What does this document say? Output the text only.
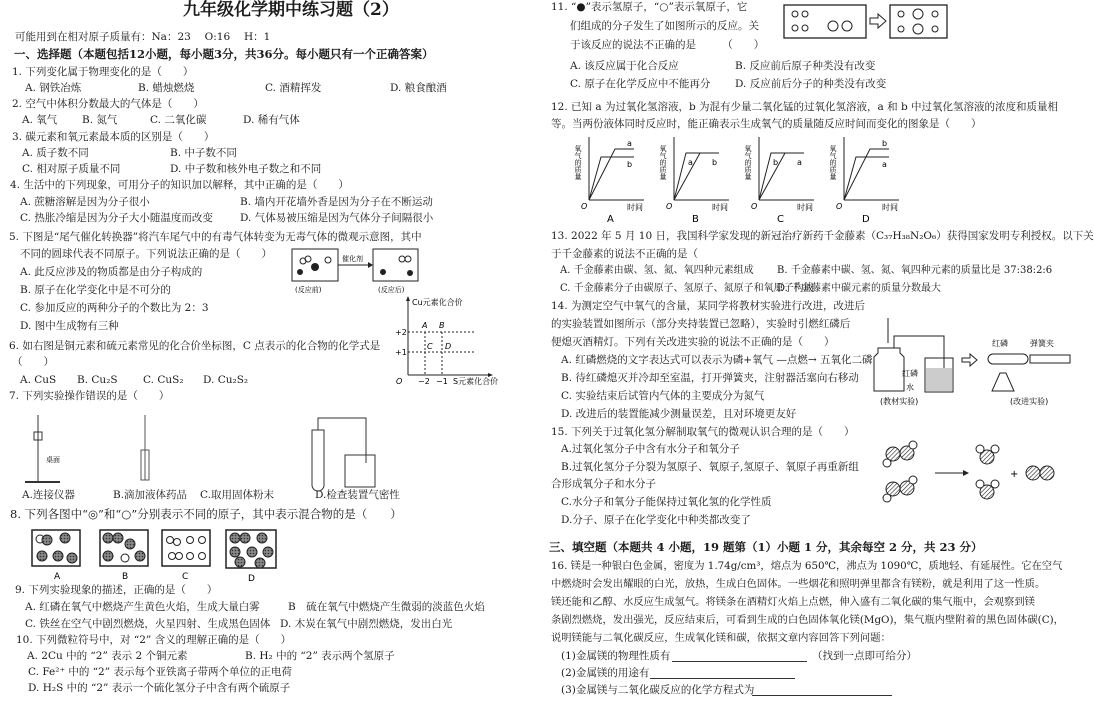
九年级化学期中练习题（2）
可能用到在相对原子质量有：Na：23　 O:16　 H：1
一、选择题（本题包括12小题，每小题3分，共36分。每小题只有一个正确答案）
1. 下列变化属于物理变化的是（　　）
A. 钢铁冶炼	B. 蜡烛燃烧	C. 酒精挥发	D. 粮食酿酒
2. 空气中体积分数最大的气体是（　　）
A. 氧气 B. 氮气	C. 二氧化碳	D. 稀有气体
3. 碳元素和氧元素最本质的区别是（　　）
A. 质子数不同	B. 中子数不同
C. 相对原子质量不同	D. 中子数和核外电子数之和不同
4. 生活中的下列现象，可用分子的知识加以解释，其中正确的是（　　）
A. 蔗糖溶解是因为分子很小	B. 墙内开花墙外香是因为分子在不断运动
C. 热胀冷缩是因为分子大小随温度而改变	D. 气体易被压缩是因为气体分子间隔很小
5. 下图是“尾气催化转换器”将汽车尾气中的有毒气体转变为无毒气体的微观示意图，其中
不同的圆球代表不同原子。下列说法正确的是（　　）
A. 此反应涉及的物质都是由分子构成的
B. 原子在化学变化中是不可分的
C. 参加反应的两种分子的个数比为 2：3
D. 图中生成物有三种
催化剂
(反应前)	(反应后)
6. 如右图是铜元素和硫元素常见的化合价坐标图，C 点表示的化合物的化学式是
（　　）
A. CuS B. Cu₂S C. CuS₂ D. Cu₂S₂
Cu元素化合价
+2
+1
O −2 −1 S元素化合价
A B
C D
7. 下列实验操作错误的是（　　）
桌面
A.连接仪器	B.滴加液体药品 C.取用固体粉末	D.检查装置气密性
8. 下列各图中“◎”和“○”分别表示不同的原子，其中表示混合物的是（　　）
A	B	C	D
9. 下列实验现象的描述，正确的是（　　）
A. 红磷在氧气中燃烧产生黄色火焰，生成大量白雾	B　硫在氧气中燃烧产生微弱的淡蓝色火焰
C. 铁丝在空气中剧烈燃烧，火星四射、生成黑色固体 D. 木炭在氧气中剧烈燃烧，发出白光
10. 下列微粒符号中，对 “2” 含义的理解正确的是（　　）
A. 2Cu 中的 “2” 表示 2 个铜元素	B. H₂ 中的 “2” 表示两个氢原子
C. Fe²⁺ 中的 “2” 表示每个亚铁离子带两个单位的正电荷
D. H₂S 中的 “2” 表示一个硫化氢分子中含有两个硫原子
11. “●”表示氢原子，“○”表示氧原子，它
们组成的分子发生了如图所示的反应。关
于该反应的说法不正确的是　　　（　　）
A. 该反应属于化合反应	B. 反应前后原子种类没有改变
C. 原子在化学反应中不能再分 D. 反应前后分子的种类没有改变
12. 已知 a 为过氧化氢溶液，b 为混有少量二氧化锰的过氧化氢溶液，a 和 b 中过氧化氢溶液的浓度和质量相
等。当两份液体同时反应时，能正确表示生成氧气的质量随反应时间而变化的图象是（　　）
氧气的质量
O	时间
a
b
A
氧气的质量
O	时间
b
a
B
氧气的质量
O	时间
a
b
C
氧气的质量
O	时间
b
a
D
13. 2022 年 5 月 10 日，我国科学家发现的新冠治疗新药千金藤素（C₃₇H₃₈N₂O₆）获得国家发明专利授权。以下关
于千金藤素的说法不正确的是（
A. 千金藤素由碳、氢、氮、氧四种元素组成 B. 千金藤素中碳、氢、氮、氧四种元素的质量比是 37:38:2:6
C. 千金藤素分子由碳原子、氢原子、氮原子和氧原子构成
D. 千金藤素中碳元素的质量分数最大
14. 为测定空气中氧气的含量，某同学将教材实验进行改进，改进后
的实验装置如图所示（部分夹持装置已忽略），实验时引燃红磷后
便熄灭酒精灯。下列有关改进实验的说法不正确的是（　　）
A. 红磷燃烧的文字表达式可以表示为磷+氧气 —点燃→ 五氧化二磷
B. 待红磷熄灭并冷却至室温，打开弹簧夹，注射器活塞向右移动
C. 实验结束后试管内气体的主要成分为氮气
D. 改进后的装置能减少测量误差，且对环境更友好
红磷
水
(教材实验)
红磷	弹簧夹
(改进实验)
15. 下列关于过氧化氢分解制取氧气的微观认识合理的是（　　）
A.过氧化氢分子中含有水分子和氧分子
B.过氧化氢分子分裂为氢原子、氧原子,氢原子、氧原子再重新组
合形成氧分子和水分子
C.水分子和氧分子能保持过氧化氢的化学性质
D.分子、原子在化学变化中种类都改变了
+
三、填空题（本题共 4 小题，19 题第（1）小题 1 分，其余每空 2 分，共 23 分）
16. 镁是一种银白色金属，密度为 1.74g/cm³，熔点为 650℃，沸点为 1090℃，质地轻、有延展性。它在空气
中燃烧时会发出耀眼的白光，放热，生成白色固体。一些烟花和照明弹里都含有镁粉，就是利用了这一性质。
镁还能和乙醇、水反应生成氢气。将镁条在酒精灯火焰上点燃，伸入盛有二氧化碳的集气瓶中，会观察到镁
条剧烈燃烧，发出强光，反应结束后，可看到生成的白色固体氧化镁(MgO)，集气瓶内壁附着的黑色固体碳(C)，
说明镁能与二氧化碳反应，生成氧化镁和碳，依据文章内容回答下列问题：
(1)金属镁的物理性质有	（找到一点即可给分）
(2)金属镁的用途有
(3)金属镁与二氧化碳反应的化学方程式为
